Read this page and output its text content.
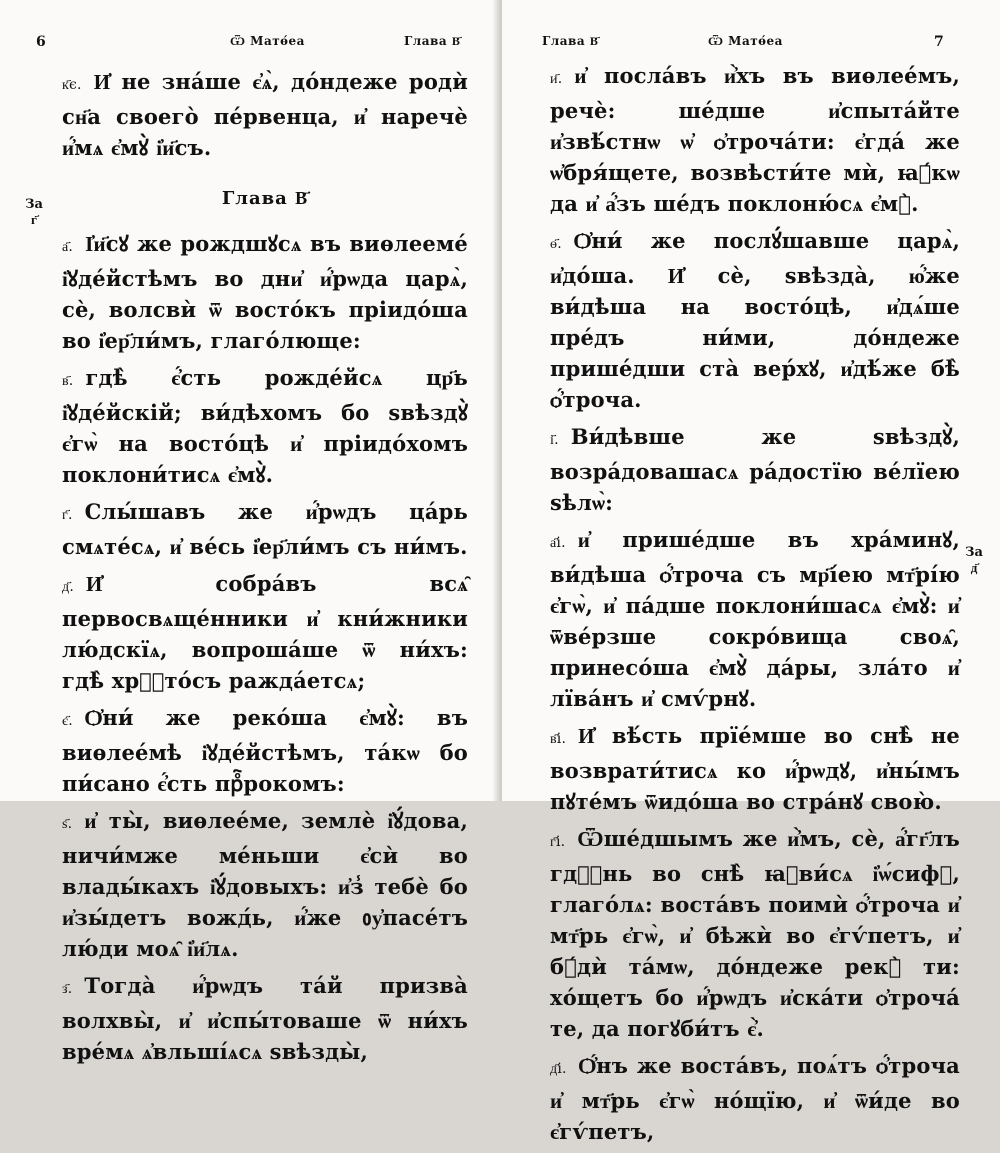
6	Ѿ Матѳ́еа	Глава В҃
За
г҃

к҃є. И҆ не зна́ше є҆ѧ̀, до́ндеже родѝ сн҃а своего̀ пе́рвенца, и҆ наречѐ и҆́мѧ є҆мꙋ̀ і҆и҃съ.

Глава В҃

а҃. І҆и҃сꙋ же рождшꙋсѧ въ виѳлееме́ і҆ꙋде́йстѣмъ во дни҆ и҆́рѡда царѧ̀, сѐ, волсвѝ ѿ восто́къ пріидо́ша во і҆ер҃ли́мъ, глаго́люще:

в҃. гдѣ̀ є҆́сть рожде́йсѧ цр҃ь і҆ꙋде́йскій; ви́дѣхомъ бо ѕвѣздꙋ̀ є҆гѡ̀ на восто́цѣ и҆ пріидо́хомъ поклони́тисѧ є҆мꙋ̀.

г҃. Слы́шавъ же и҆́рѡдъ ца́рь смѧте́сѧ, и҆ ве́сь і҆ер҃ли́мъ съ ни́мъ.

д҃. И҆ собра́въ всѧ̑ первосвѧще́нники и҆ кни́жники лю́дскїѧ, вопроша́ше ѿ ни́хъ: гдѣ̀ хрⷭ҇то́съ ражда́етсѧ;

є҃. Ѻ҆ни́ же реко́ша є҆мꙋ̀: въ виѳлее́мѣ і҆ꙋде́йстѣмъ, та́кѡ бо пи́сано є҆́сть прⷪ҇рокомъ:

ѕ҃. и҆ ты̀, виѳлее́ме, землѐ і҆ꙋ́дова, ничи́мже ме́ньши є҆сѝ во влады́кахъ і҆ꙋ́довыхъ: и҆з̾ тебѐ бо и҆зы́детъ вожд́ь, и҆́же ᲂу҆пасе́тъ лю́ди моѧ̑ і҆и҃лѧ.

з҃. Тогда̀ и҆́рѡдъ та́й призва̀ волхвы̀, и҆ и҆спы́товаше ѿ ни́хъ вре́мѧ ѧ҆вльші́ѧсѧ ѕвѣзды̀,

Глава В҃	Ѿ Матѳ́еа	7
За
д҃

и҃. и҆ посла́въ и҆̀хъ въ виѳлее́мъ, речѐ: ше́дше и҆спыта́йте и҆звѣ́стнѡ ѡ҆ ѻ҆троча́ти: є҆гда́ же ѡ҆бря́щете, возвѣсти́те мѝ, ꙗ҆́кѡ да и҆ а҆́зъ ше́дъ поклоню́сѧ є҆мꙋ̀.

ѳ҃. Ѻ҆ни́ же послꙋ́шавше царѧ̀, и҆до́ша. И҆ сѐ, ѕвѣзда̀, ю҆́же ви́дѣша на восто́цѣ, и҆дѧ́ше пре́дъ ни́ми, до́ндеже прише́дши ста̀ вер́хꙋ, и҆дѣ́же бѣ̀ ѻ҆́троча.

і҃. Ви́дѣвше же ѕвѣздꙋ̀, возра́довашасѧ ра́достїю ве́лїею ѕѣлѡ̀:

а҃і. и҆ прише́дше въ хра́минꙋ, ви́дѣша ѻ҆́троча съ мр҃і́ею мт҃рі́ю є҆гѡ̀, и҆ па́дше поклони́шасѧ є҆мꙋ̀: и҆ ѿве́рзше сокро́вища своѧ̑, принесо́ша є҆мꙋ̀ да́ры, зла́то и҆ лїва́нъ и҆ смѵ́рнꙋ.

в҃і. И҆ вѣ́сть прїе́мше во снѣ̀ не возврати́тисѧ ко и҆́рѡдꙋ, и҆ны́мъ пꙋте́мъ ѿидо́ша во стра́нꙋ свою̀.

г҃і. Ѿше́дшымъ же и҆̀мъ, сѐ, а҆́гг҃лъ гдⷭ҇нь во снѣ̀ ꙗ҆ви́сѧ і҆ѡ́сифꙋ, глаго́лѧ: воста́въ поимѝ ѻ҆́троча и҆ мт҃рь є҆гѡ̀, и҆ бѣжѝ во є҆гѵ́петъ, и҆ бꙋ́дѝ та́мѡ, до́ндеже рекꙋ̀ ти: хо́щетъ бо и҆́рѡдъ и҆ска́ти ѻ҆трочá те, да погꙋби́тъ є҆̀.

д҃і. Ѻ҆́нъ же воста́въ, поѧ́тъ ѻ҆́троча и҆ мт҃рь є҆гѡ̀ но́щїю, и҆ ѿи́де во є҆гѵ́петъ,
